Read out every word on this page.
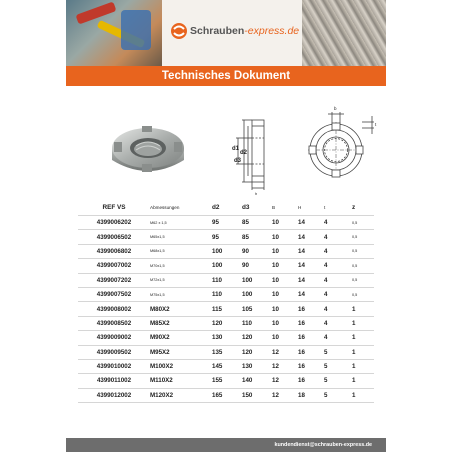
Schrauben-express.de
Technisches Dokument
d1
d2
d3
h
b
t
REF VS	Abmessungen	d2	d3	B	H	t	z
4399006202	M62 x 1,5	95	85	10	14	4	0,5
4399006502	M65x1,5	95	85	10	14	4	0,5
4399006802	M68x1,5	100	90	10	14	4	0,5
4399007002	M70x1,5	100	90	10	14	4	0,5
4399007202	M72x1,5	110	100	10	14	4	0,5
4399007502	M75x1,5	110	100	10	14	4	0,5
4399008002	M80X2	115	105	10	16	4	1
4399008502	M85X2	120	110	10	16	4	1
4399009002	M90X2	130	120	10	16	4	1
4399009502	M95X2	135	120	12	16	5	1
4399010002	M100X2	145	130	12	16	5	1
4399011002	M110X2	155	140	12	16	5	1
4399012002	M120X2	165	150	12	18	5	1
kundendienst@schrauben-express.de
